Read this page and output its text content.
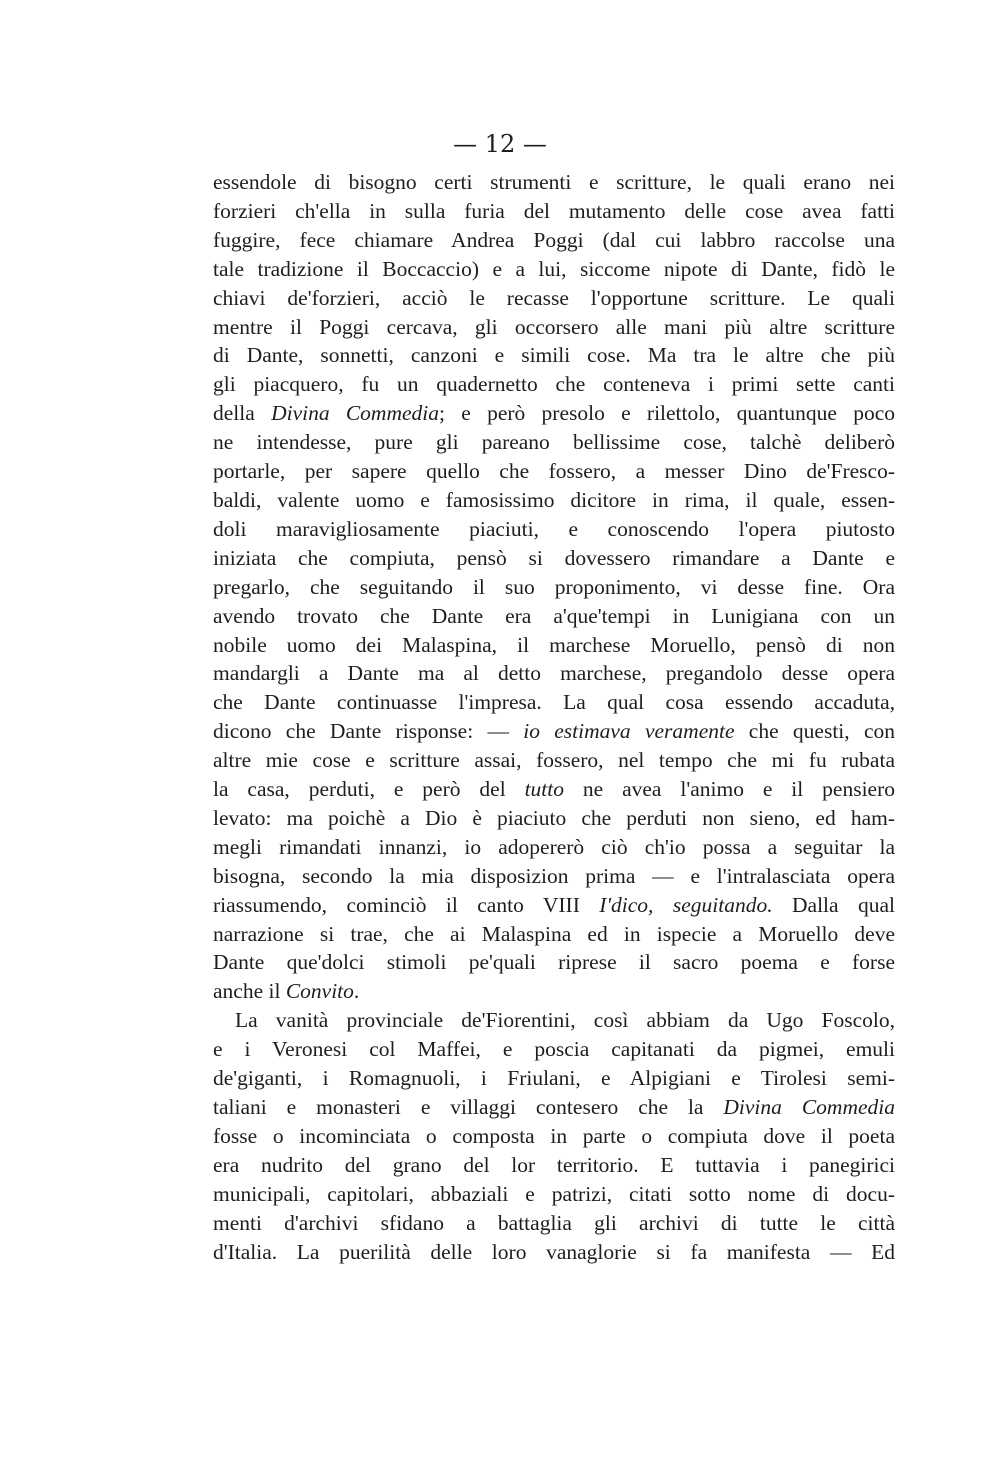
— 12 —
essendole di bisogno certi strumenti e scritture, le quali erano nei
forzieri ch'ella in sulla furia del mutamento delle cose avea fatti
fuggire, fece chiamare Andrea Poggi (dal cui labbro raccolse una
tale tradizione il Boccaccio) e a lui, siccome nipote di Dante, fidò le
chiavi de'forzieri, acciò le recasse l'opportune scritture. Le quali
mentre il Poggi cercava, gli occorsero alle mani più altre scritture
di Dante, sonnetti, canzoni e simili cose. Ma tra le altre che più
gli piacquero, fu un quadernetto che conteneva i primi sette canti
della Divina Commedia; e però presolo e rilettolo, quantunque poco
ne intendesse, pure gli pareano bellissime cose, talchè deliberò
portarle, per sapere quello che fossero, a messer Dino de'Fresco-
baldi, valente uomo e famosissimo dicitore in rima, il quale, essen-
doli maravigliosamente piaciuti, e conoscendo l'opera piutosto
iniziata che compiuta, pensò si dovessero rimandare a Dante e
pregarlo, che seguitando il suo proponimento, vi desse fine. Ora
avendo trovato che Dante era a'que'tempi in Lunigiana con un
nobile uomo dei Malaspina, il marchese Moruello, pensò di non
mandargli a Dante ma al detto marchese, pregandolo desse opera
che Dante continuasse l'impresa. La qual cosa essendo accaduta,
dicono che Dante risponse: — io estimava veramente che questi, con
altre mie cose e scritture assai, fossero, nel tempo che mi fu rubata
la casa, perduti, e però del tutto ne avea l'animo e il pensiero
levato: ma poichè a Dio è piaciuto che perduti non sieno, ed ham-
megli rimandati innanzi, io adopererò ciò ch'io possa a seguitar la
bisogna, secondo la mia disposizion prima — e l'intralasciata opera
riassumendo, cominciò il canto VIII I'dico, seguitando. Dalla qual
narrazione si trae, che ai Malaspina ed in ispecie a Moruello deve
Dante que'dolci stimoli pe'quali riprese il sacro poema e forse
anche il Convito.
La vanità provinciale de'Fiorentini, così abbiam da Ugo Foscolo,
e i Veronesi col Maffei, e poscia capitanati da pigmei, emuli
de'giganti, i Romagnuoli, i Friulani, e Alpigiani e Tirolesi semi-
taliani e monasteri e villaggi contesero che la Divina Commedia
fosse o incominciata o composta in parte o compiuta dove il poeta
era nudrito del grano del lor territorio. E tuttavia i panegirici
municipali, capitolari, abbaziali e patrizi, citati sotto nome di docu-
menti d'archivi sfidano a battaglia gli archivi di tutte le città
d'Italia. La puerilità delle loro vanaglorie si fa manifesta — Ed
